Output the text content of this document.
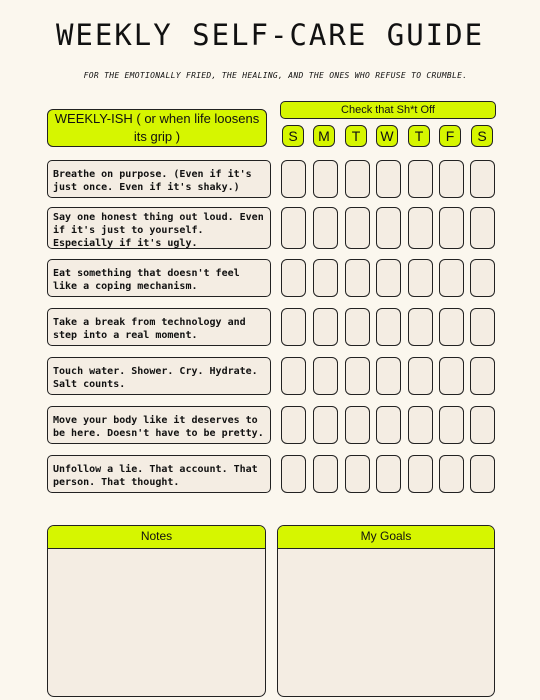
WEEKLY SELF-CARE GUIDE
FOR THE EMOTIONALLY FRIED, THE HEALING, AND THE ONES WHO REFUSE TO CRUMBLE.
WEEKLY-ISH ( or when life loosens its grip )
Check that Sh*t Off
S	M	T	W	T	F	S
Breathe on purpose. (Even if it's just once. Even if it's shaky.)
Say one honest thing out loud. Even if it's just to yourself. Especially if it's ugly.
Eat something that doesn't feel like a coping mechanism.
Take a break from technology and step into a real moment.
Touch water. Shower. Cry. Hydrate. Salt counts.
Move your body like it deserves to be here. Doesn't have to be pretty.
Unfollow a lie. That account. That person. That thought.
Notes	My Goals
